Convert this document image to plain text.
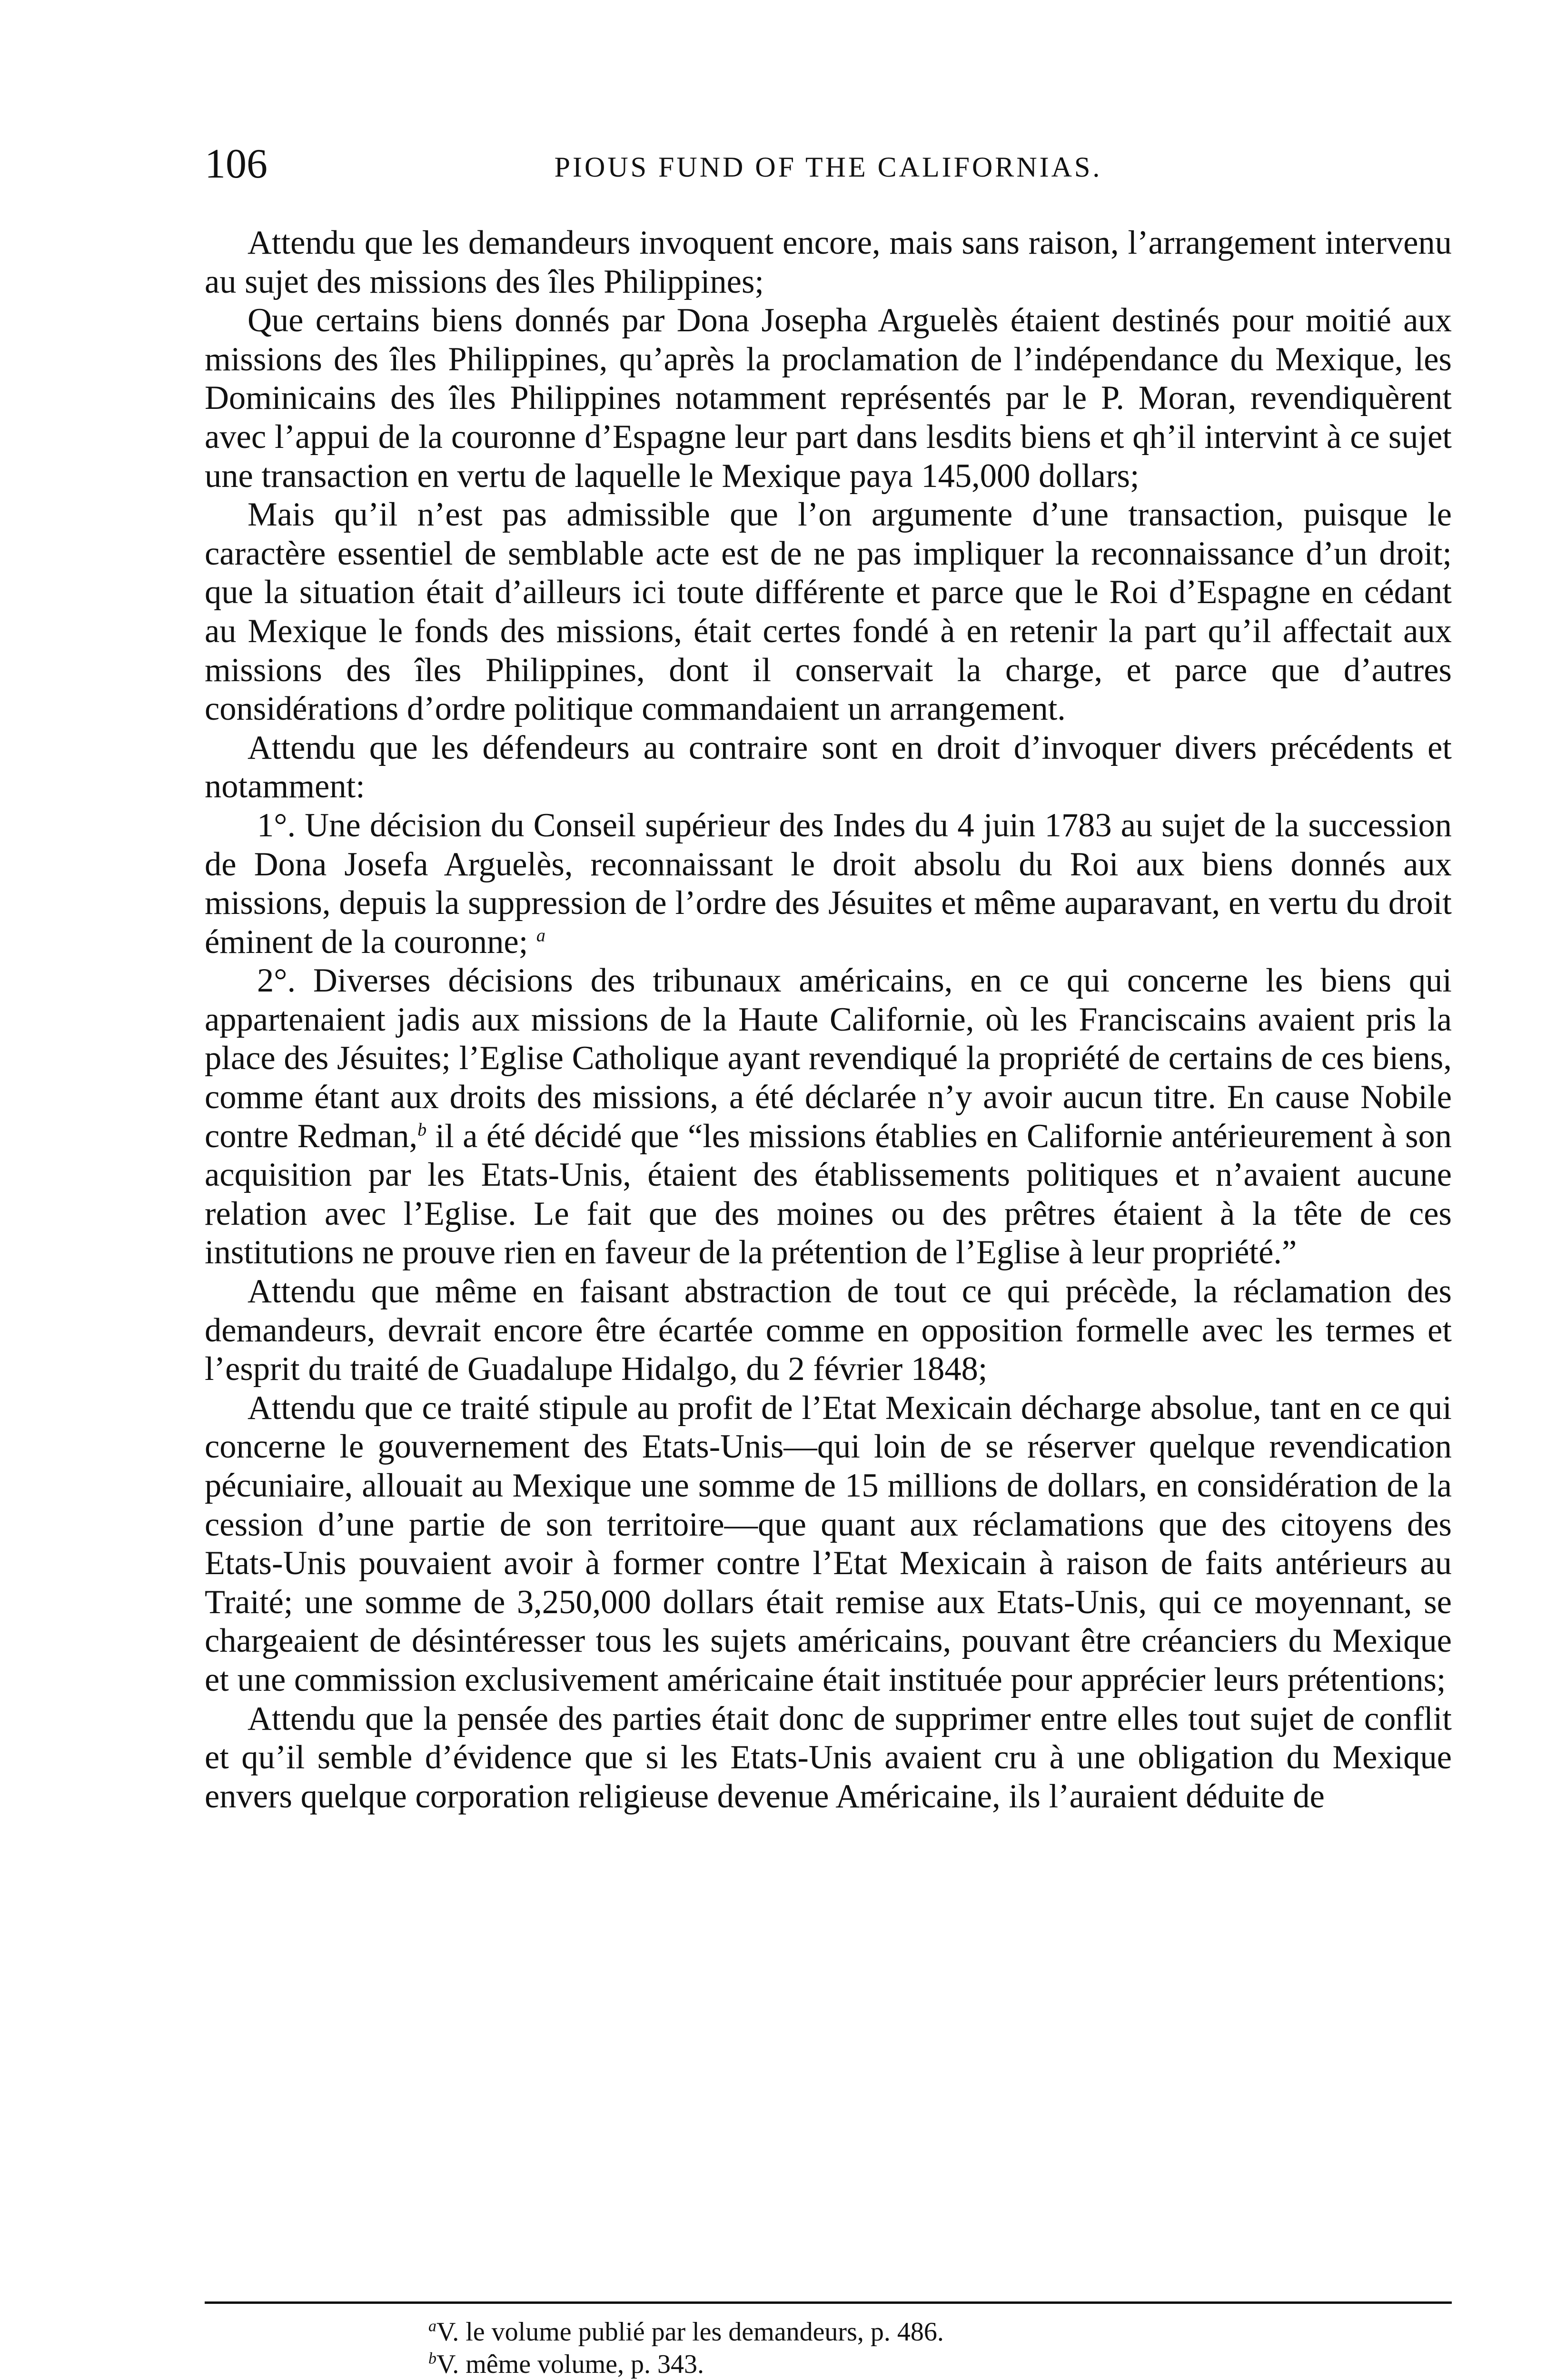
106	PIOUS FUND OF THE CALIFORNIAS.

Attendu que les demandeurs invoquent encore, mais sans raison, l’arrangement intervenu au sujet des missions des îles Philippines;

Que certains biens donnés par Dona Josepha Arguelès étaient destinés pour moitié aux missions des îles Philippines, qu’après la proclamation de l’indépendance du Mexique, les Dominicains des îles Philippines notamment représentés par le P. Moran, revendiquèrent avec l’appui de la couronne d’Espagne leur part dans lesdits biens et qh’il intervint à ce sujet une transaction en vertu de laquelle le Mexique paya 145,000 dollars;

Mais qu’il n’est pas admissible que l’on argumente d’une transaction, puisque le caractère essentiel de semblable acte est de ne pas impliquer la reconnaissance d’un droit; que la situation était d’ailleurs ici toute différente et parce que le Roi d’Espagne en cédant au Mexique le fonds des missions, était certes fondé à en retenir la part qu’il affectait aux missions des îles Philippines, dont il conservait la charge, et parce que d’autres considérations d’ordre politique commandaient un arrangement.

Attendu que les défendeurs au contraire sont en droit d’invoquer divers précédents et notamment:

1°. Une décision du Conseil supérieur des Indes du 4 juin 1783 au sujet de la succession de Dona Josefa Arguelès, reconnaissant le droit absolu du Roi aux biens donnés aux missions, depuis la suppression de l’ordre des Jésuites et même auparavant, en vertu du droit éminent de la couronne; $^a$

2°. Diverses décisions des tribunaux américains, en ce qui concerne les biens qui appartenaient jadis aux missions de la Haute Californie, où les Franciscains avaient pris la place des Jésuites; l’Eglise Catholique ayant revendiqué la propriété de certains de ces biens, comme étant aux droits des missions, a été déclarée n’y avoir aucun titre. En cause Nobile contre Redman,$^b$ il a été décidé que “les missions établies en Californie antérieurement à son acquisition par les Etats-Unis, étaient des établissements politiques et n’avaient aucune relation avec l’Eglise. Le fait que des moines ou des prêtres étaient à la tête de ces institutions ne prouve rien en faveur de la prétention de l’Eglise à leur propriété.”

Attendu que même en faisant abstraction de tout ce qui précède, la réclamation des demandeurs, devrait encore être écartée comme en opposition formelle avec les termes et l’esprit du traité de Guadalupe Hidalgo, du 2 février 1848;

Attendu que ce traité stipule au profit de l’Etat Mexicain décharge absolue, tant en ce qui concerne le gouvernement des Etats-Unis—qui loin de se réserver quelque revendication pécuniaire, allouait au Mexique une somme de 15 millions de dollars, en considération de la cession d’une partie de son territoire—que quant aux réclamations que des citoyens des Etats-Unis pouvaient avoir à former contre l’Etat Mexicain à raison de faits antérieurs au Traité; une somme de 3,250,000 dollars était remise aux Etats-Unis, qui ce moyennant, se chargeaient de désintéresser tous les sujets américains, pouvant être créanciers du Mexique et une commission exclusivement américaine était instituée pour apprécier leurs prétentions;

Attendu que la pensée des parties était donc de supprimer entre elles tout sujet de conflit et qu’il semble d’évidence que si les Etats-Unis avaient cru à une obligation du Mexique envers quelque corporation religieuse devenue Américaine, ils l’auraient déduite de

$^a$V. le volume publié par les demandeurs, p. 486.
$^b$V. même volume, p. 343.
